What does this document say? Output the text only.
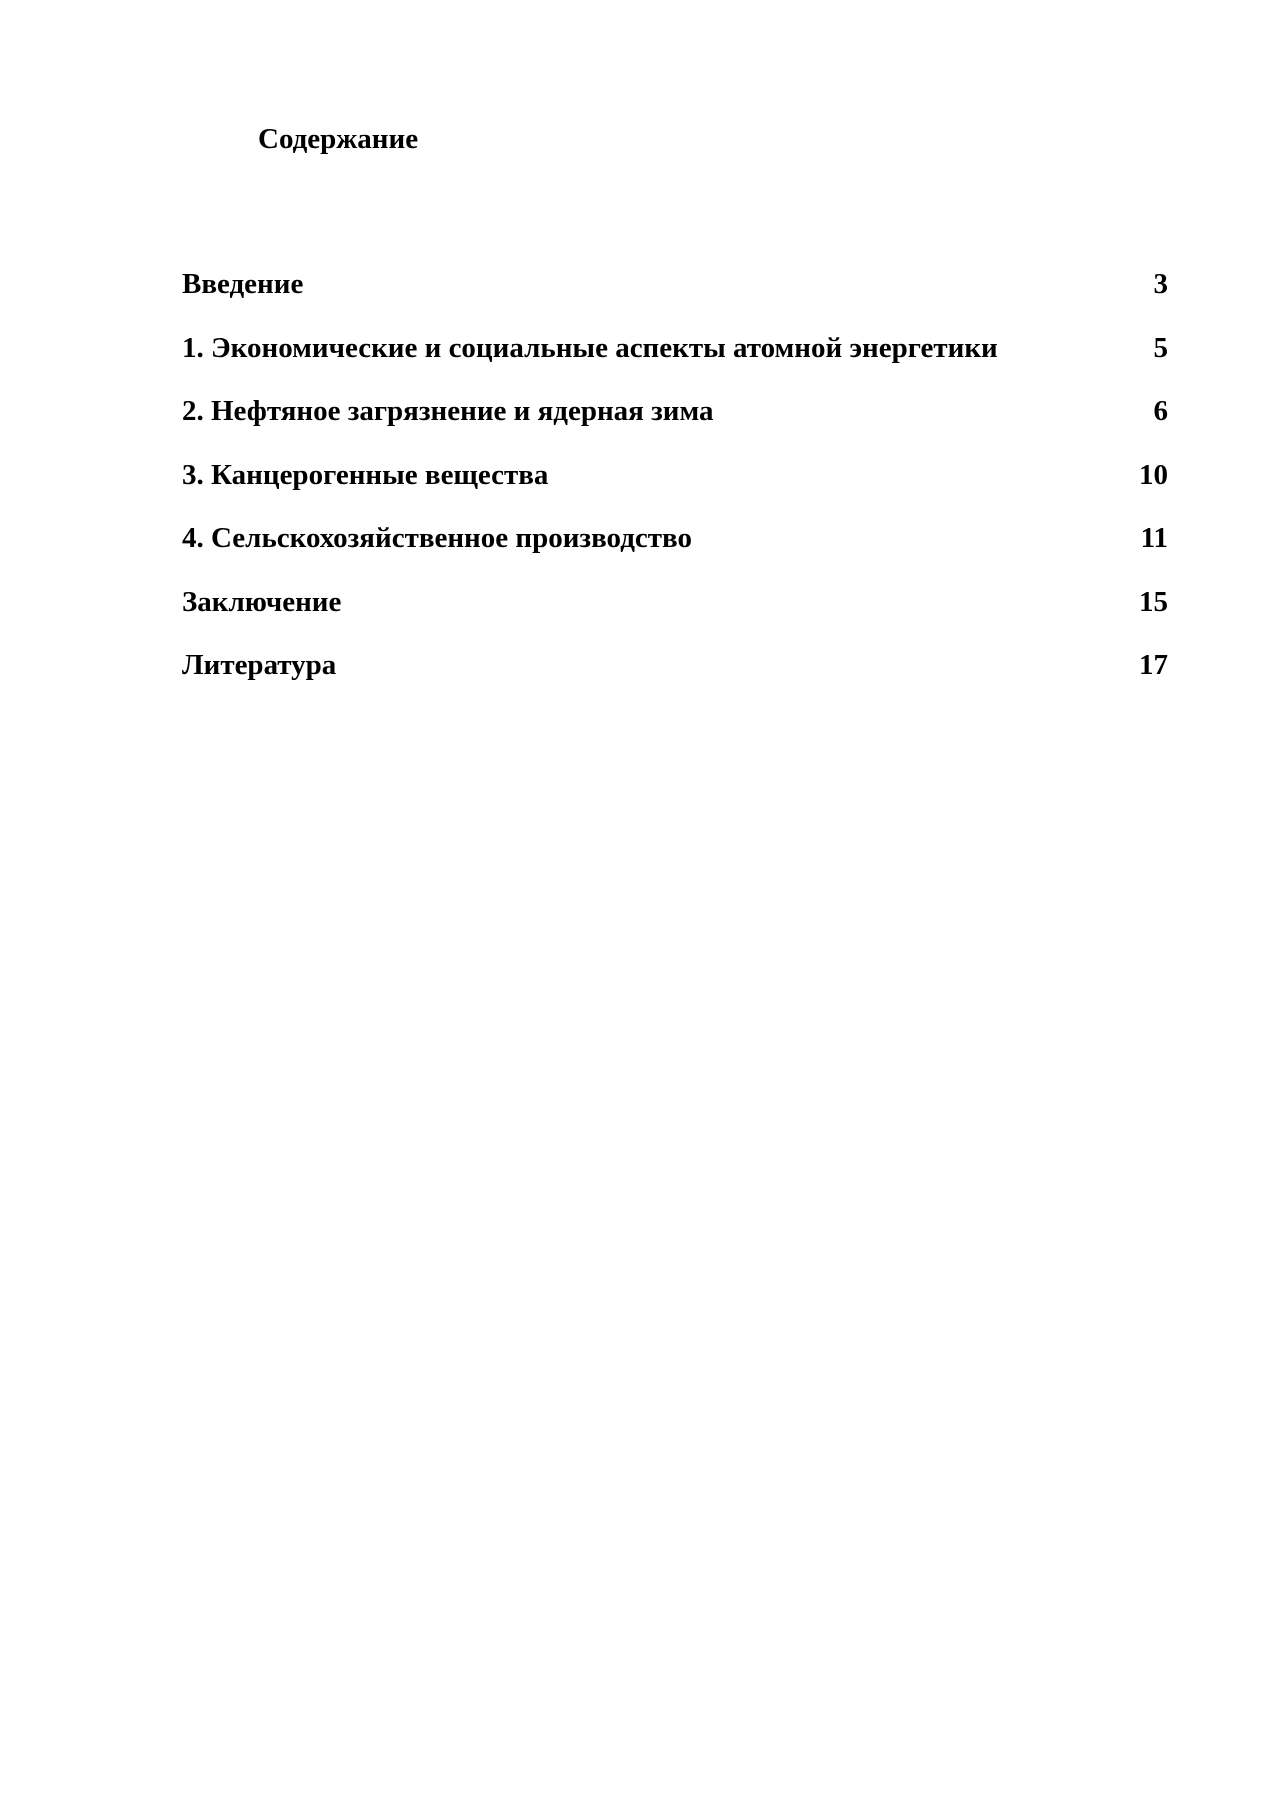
Содержание
Введение	3
1. Экономические и социальные аспекты атомной энергетики	5
2. Нефтяное загрязнение и ядерная зима	6
3. Канцерогенные вещества	10
4. Сельскохозяйственное производство	11
Заключение	15
Литература	17
